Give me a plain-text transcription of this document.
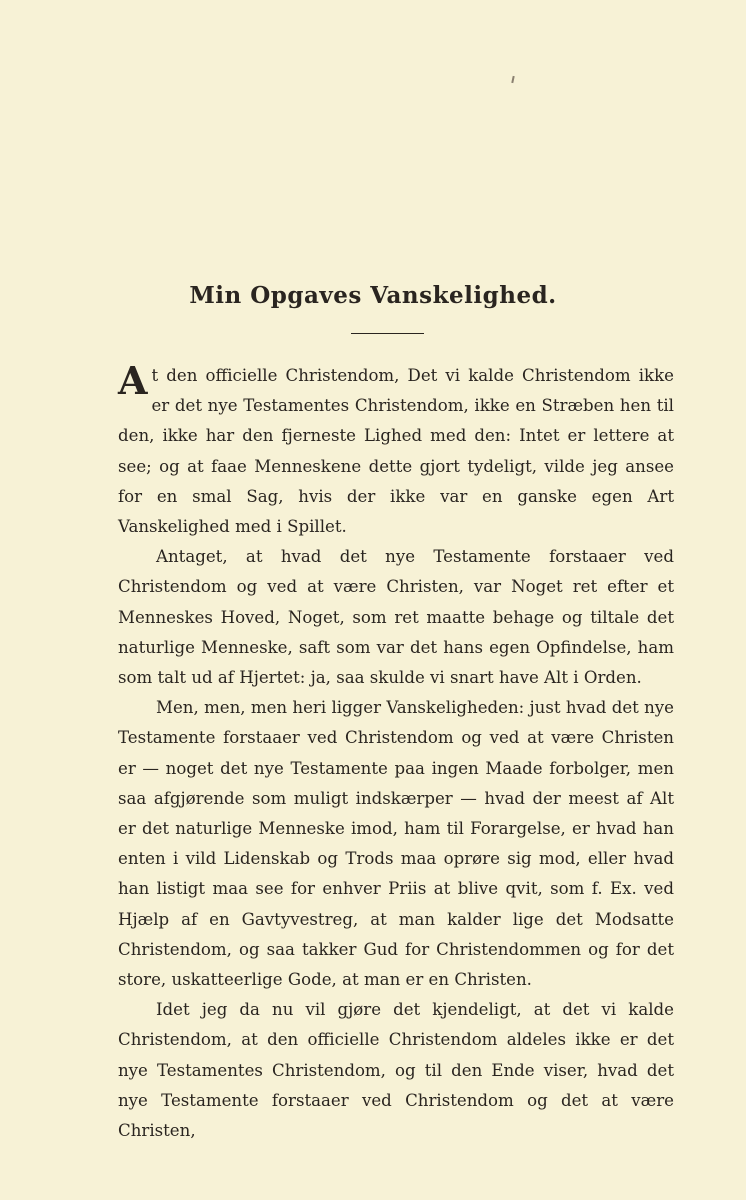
Min Opgaves Vanskelighed.

At den officielle Christendom, Det vi kalde Christendom ikke er det nye Testamentes Christendom, ikke en Stræben hen til den, ikke har den fjerneste Lighed med den: Intet er lettere at see; og at faae Menneskene dette gjort tydeligt, vilde jeg ansee for en smal Sag, hvis der ikke var en ganske egen Art Vanskelighed med i Spillet.

Antaget, at hvad det nye Testamente forstaaer ved Christendom og ved at være Christen, var Noget ret efter et Menneskes Hoved, Noget, som ret maatte behage og tiltale det naturlige Menneske, saft som var det hans egen Opfindelse, ham som talt ud af Hjertet: ja, saa skulde vi snart have Alt i Orden.

Men, men, men heri ligger Vanskeligheden: just hvad det nye Testamente forstaaer ved Christendom og ved at være Christen er — noget det nye Testamente paa ingen Maade forbolger, men saa afgjørende som muligt indskærper — hvad der meest af Alt er det naturlige Menneske imod, ham til Forargelse, er hvad han enten i vild Lidenskab og Trods maa oprøre sig mod, eller hvad han listigt maa see for enhver Priis at blive qvit, som f. Ex. ved Hjælp af en Gavtyvestreg, at man kalder lige det Modsatte Christendom, og saa takker Gud for Christendommen og for det store, uskatteerlige Gode, at man er en Christen.

Idet jeg da nu vil gjøre det kjendeligt, at det vi kalde Christendom, at den officielle Christendom aldeles ikke er det nye Testamentes Christendom, og til den Ende viser, hvad det nye Testamente forstaaer ved Christendom og det at være Christen,
